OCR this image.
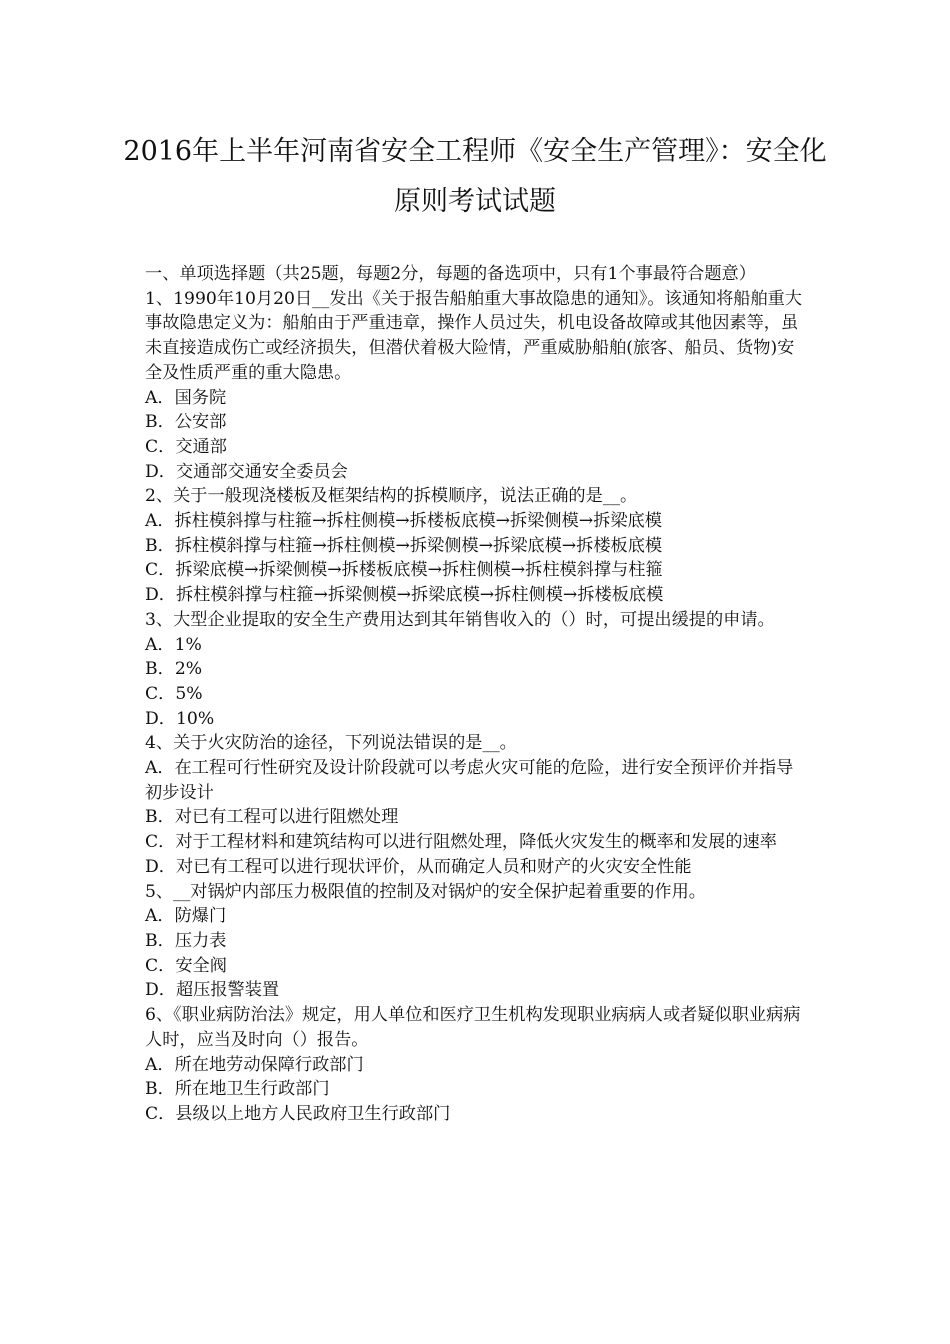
2016年上半年河南省安全工程师《安全生产管理》：安全化
原则考试试题
一、单项选择题（共25题，每题2分，每题的备选项中，只有1个事最符合题意）
1、1990年10月20日__发出《关于报告船舶重大事故隐患的通知》。该通知将船舶重大事故隐患定义为：船舶由于严重违章，操作人员过失，机电设备故障或其他因素等，虽未直接造成伤亡或经济损失，但潜伏着极大险情，严重威胁船舶(旅客、船员、货物)安全及性质严重的重大隐患。
A．国务院
B．公安部
C．交通部
D．交通部交通安全委员会
2、关于一般现浇楼板及框架结构的拆模顺序，说法正确的是__。
A．拆柱模斜撑与柱箍→拆柱侧模→拆楼板底模→拆梁侧模→拆梁底模
B．拆柱模斜撑与柱箍→拆柱侧模→拆梁侧模→拆梁底模→拆楼板底模
C．拆梁底模→拆梁侧模→拆楼板底模→拆柱侧模→拆柱模斜撑与柱箍
D．拆柱模斜撑与柱箍→拆梁侧模→拆梁底模→拆柱侧模→拆楼板底模
3、大型企业提取的安全生产费用达到其年销售收入的（）时，可提出缓提的申请。
A．1%
B．2%
C．5%
D．10%
4、关于火灾防治的途径，下列说法错误的是__。
A．在工程可行性研究及设计阶段就可以考虑火灾可能的危险，进行安全预评价并指导初步设计
B．对已有工程可以进行阻燃处理
C．对于工程材料和建筑结构可以进行阻燃处理，降低火灾发生的概率和发展的速率
D．对已有工程可以进行现状评价，从而确定人员和财产的火灾安全性能
5、__对锅炉内部压力极限值的控制及对锅炉的安全保护起着重要的作用。
A．防爆门
B．压力表
C．安全阀
D．超压报警装置
6、《职业病防治法》规定，用人单位和医疗卫生机构发现职业病病人或者疑似职业病病人时，应当及时向（）报告。
A．所在地劳动保障行政部门
B．所在地卫生行政部门
C．县级以上地方人民政府卫生行政部门
